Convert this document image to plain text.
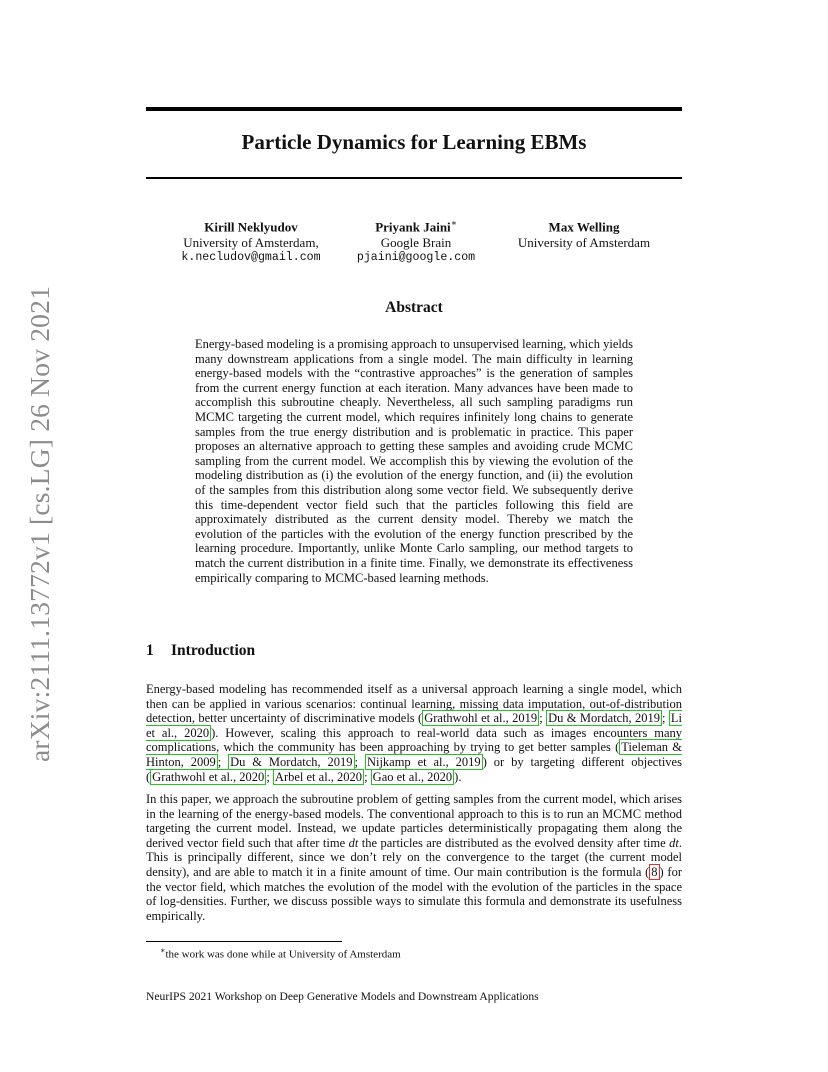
arXiv:2111.13772v1 [cs.LG] 26 Nov 2021
Particle Dynamics for Learning EBMs
Kirill Neklyudov
University of Amsterdam,
k.necludov@gmail.com
Priyank Jaini∗
Google Brain
pjaini@google.com
Max Welling
University of Amsterdam
Abstract

Energy-based modeling is a promising approach to unsupervised learning, which yields many downstream applications from a single model. The main difficulty in learning energy-based models with the “contrastive approaches” is the generation of samples from the current energy function at each iteration. Many advances have been made to accomplish this subroutine cheaply. Nevertheless, all such sampling paradigms run MCMC targeting the current model, which requires infinitely long chains to generate samples from the true energy distribution and is problematic in practice. This paper proposes an alternative approach to getting these samples and avoiding crude MCMC sampling from the current model. We accomplish this by viewing the evolution of the modeling distribution as (i) the evolution of the energy function, and (ii) the evolution of the samples from this distribution along some vector field. We subsequently derive this time-dependent vector field such that the particles following this field are approximately distributed as the current density model. Thereby we match the evolution of the particles with the evolution of the energy function prescribed by the learning procedure. Importantly, unlike Monte Carlo sampling, our method targets to match the current distribution in a finite time. Finally, we demonstrate its effectiveness empirically comparing to MCMC-based learning methods.

1 Introduction

Energy-based modeling has recommended itself as a universal approach learning a single model, which then can be applied in various scenarios: continual learning, missing data imputation, out-of-distribution detection, better uncertainty of discriminative models ( Grathwohl et al., 2019 ; Du & Mordatch, 2019 ; Li et al., 2020 ). However, scaling this approach to real-world data such as images encounters many complications, which the community has been approaching by trying to get better samples ( Tieleman & Hinton, 2009 ; Du & Mordatch, 2019 ; Nijkamp et al., 2019 ) or by targeting different objectives ( Grathwohl et al., 2020 ; Arbel et al., 2020 ; Gao et al., 2020 ).

In this paper, we approach the subroutine problem of getting samples from the current model, which arises in the learning of the energy-based models. The conventional approach to this is to run an MCMC method targeting the current model. Instead, we update particles deterministically propagating them along the derived vector field such that after time dt the particles are distributed as the evolved density after time dt. This is principally different, since we don’t rely on the convergence to the target (the current model density), and are able to match it in a finite amount of time. Our main contribution is the formula ( 8 ) for the vector field, which matches the evolution of the model with the evolution of the particles in the space of log-densities. Further, we discuss possible ways to simulate this formula and demonstrate its usefulness empirically.

∗the work was done while at University of Amsterdam

NeurIPS 2021 Workshop on Deep Generative Models and Downstream Applications
